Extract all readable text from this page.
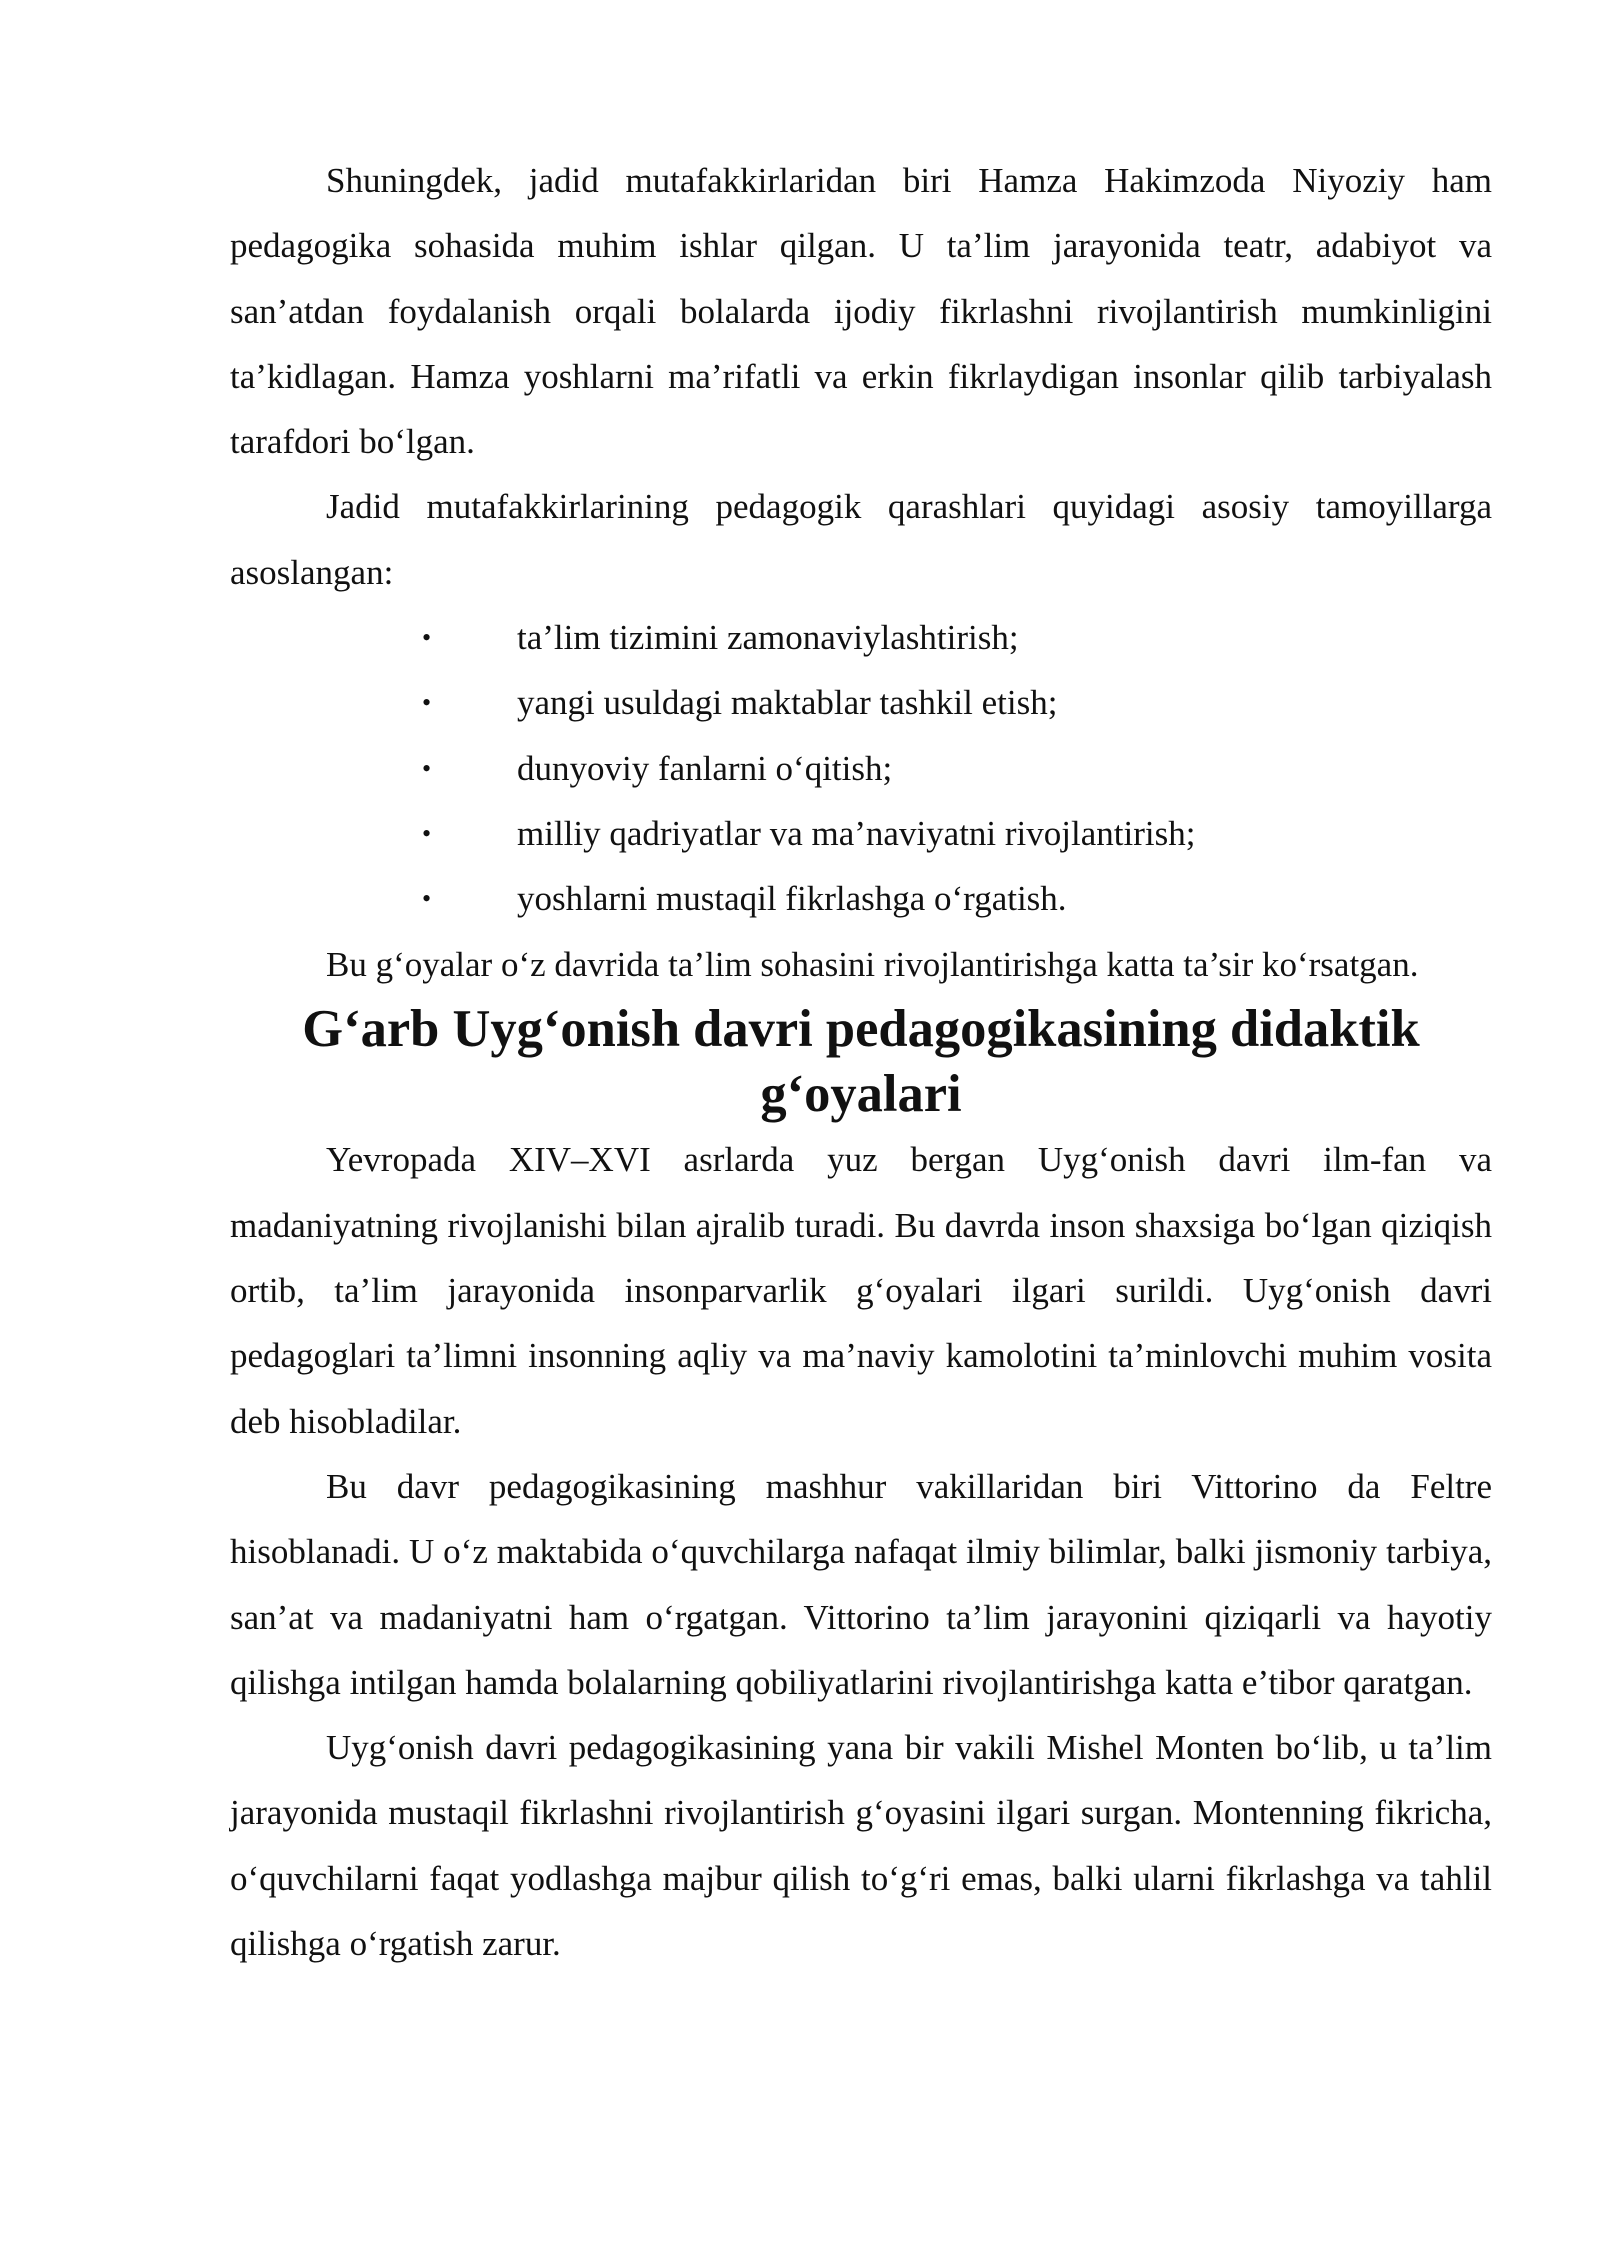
Shuningdek, jadid mutafakkirlaridan biri Hamza Hakimzoda Niyoziy ham pedagogika sohasida muhim ishlar qilgan. U ta’lim jarayonida teatr, adabiyot va san’atdan foydalanish orqali bolalarda ijodiy fikrlashni rivojlantirish mumkinligini ta’kidlagan. Hamza yoshlarni ma’rifatli va erkin fikrlaydigan insonlar qilib tarbiyalash tarafdori bo‘lgan.

Jadid mutafakkirlarining pedagogik qarashlari quyidagi asosiy tamoyillarga asoslangan:

• ta’lim tizimini zamonaviylashtirish;
• yangi usuldagi maktablar tashkil etish;
• dunyoviy fanlarni o‘qitish;
• milliy qadriyatlar va ma’naviyatni rivojlantirish;
• yoshlarni mustaqil fikrlashga o‘rgatish.

Bu g‘oyalar o‘z davrida ta’lim sohasini rivojlantirishga katta ta’sir ko‘rsatgan.

G‘arb Uyg‘onish davri pedagogikasining didaktik g‘oyalari

Yevropada XIV–XVI asrlarda yuz bergan Uyg‘onish davri ilm-fan va madaniyatning rivojlanishi bilan ajralib turadi. Bu davrda inson shaxsiga bo‘lgan qiziqish ortib, ta’lim jarayonida insonparvarlik g‘oyalari ilgari surildi. Uyg‘onish davri pedagoglari ta’limni insonning aqliy va ma’naviy kamolotini ta’minlovchi muhim vosita deb hisobladilar.

Bu davr pedagogikasining mashhur vakillaridan biri Vittorino da Feltre hisoblanadi. U o‘z maktabida o‘quvchilarga nafaqat ilmiy bilimlar, balki jismoniy tarbiya, san’at va madaniyatni ham o‘rgatgan. Vittorino ta’lim jarayonini qiziqarli va hayotiy qilishga intilgan hamda bolalarning qobiliyatlarini rivojlantirishga katta e’tibor qaratgan.

Uyg‘onish davri pedagogikasining yana bir vakili Mishel Monten bo‘lib, u ta’lim jarayonida mustaqil fikrlashni rivojlantirish g‘oyasini ilgari surgan. Montenning fikricha, o‘quvchilarni faqat yodlashga majbur qilish to‘g‘ri emas, balki ularni fikrlashga va tahlil qilishga o‘rgatish zarur.
